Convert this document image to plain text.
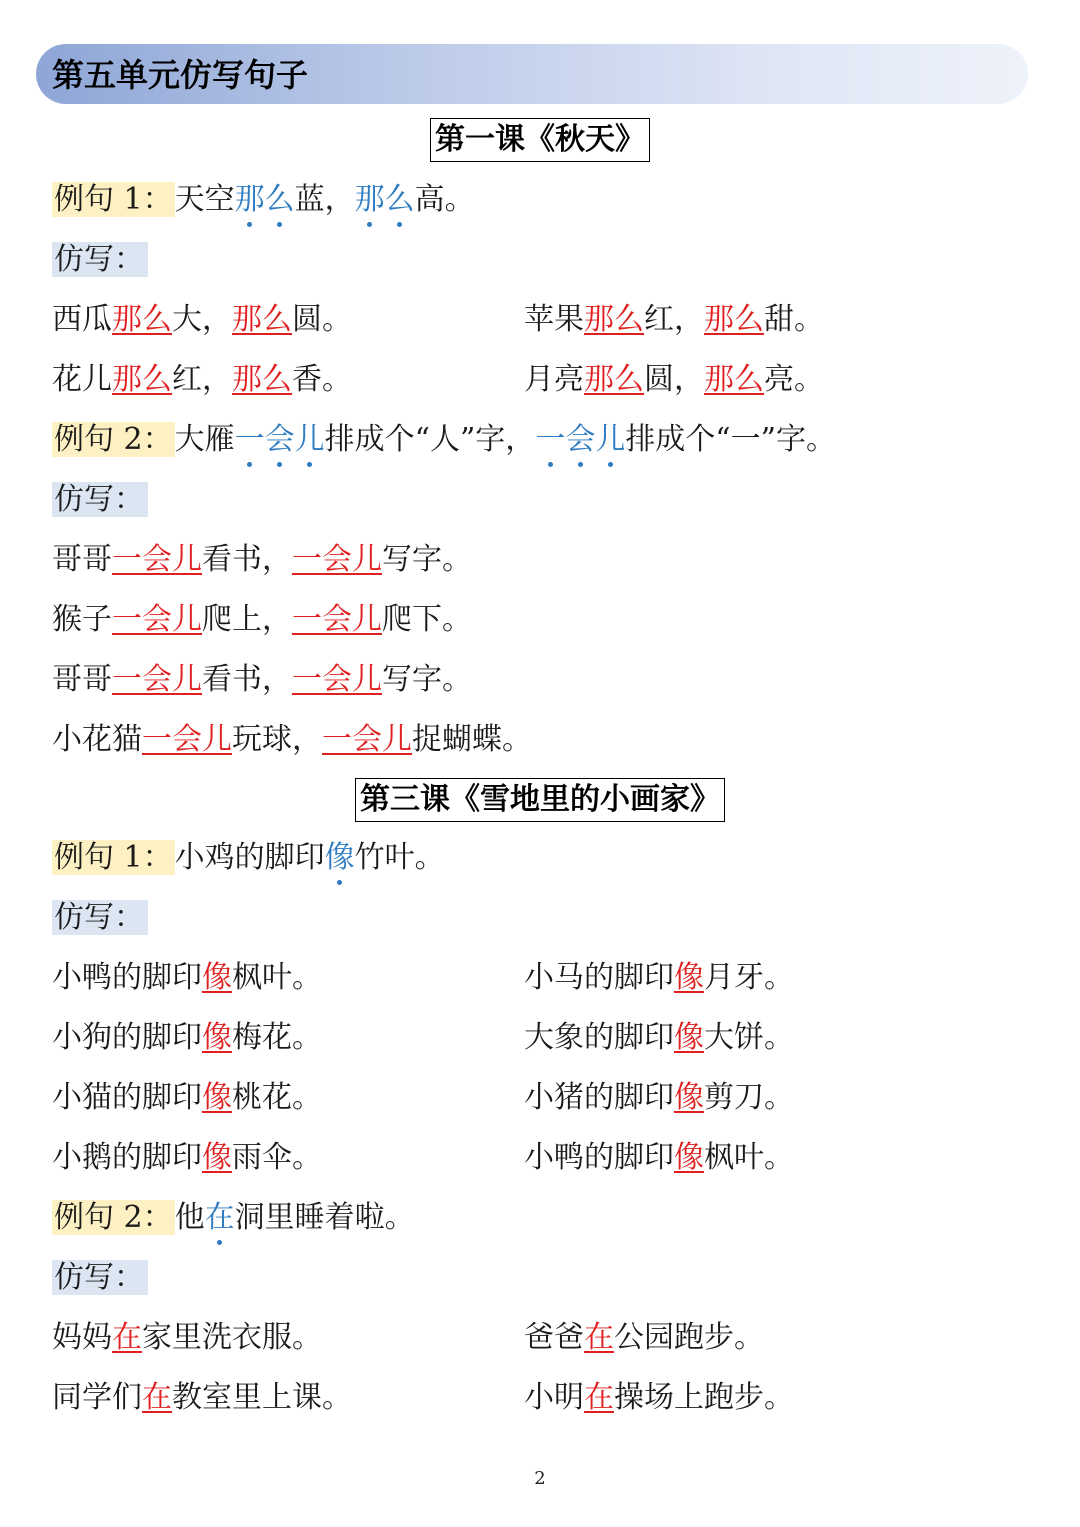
第五单元仿写句子
第一课《秋天》
例句 1：天空那么蓝，那么高。
仿写：
西瓜那么大，那么圆。	苹果那么红，那么甜。
花儿那么红，那么香。	月亮那么圆，那么亮。
例句 2：大雁一会儿排成个“人”字，一会儿排成个“一”字。
仿写：
哥哥一会儿看书，一会儿写字。
猴子一会儿爬上，一会儿爬下。
哥哥一会儿看书，一会儿写字。
小花猫一会儿玩球，一会儿捉蝴蝶。
第三课《雪地里的小画家》
例句 1：小鸡的脚印像竹叶。
仿写：
小鸭的脚印像枫叶。	小马的脚印像月牙。
小狗的脚印像梅花。	大象的脚印像大饼。
小猫的脚印像桃花。	小猪的脚印像剪刀。
小鹅的脚印像雨伞。	小鸭的脚印像枫叶。
例句 2：他在洞里睡着啦。
仿写：
妈妈在家里洗衣服。	爸爸在公园跑步。
同学们在教室里上课。	小明在操场上跑步。
2
